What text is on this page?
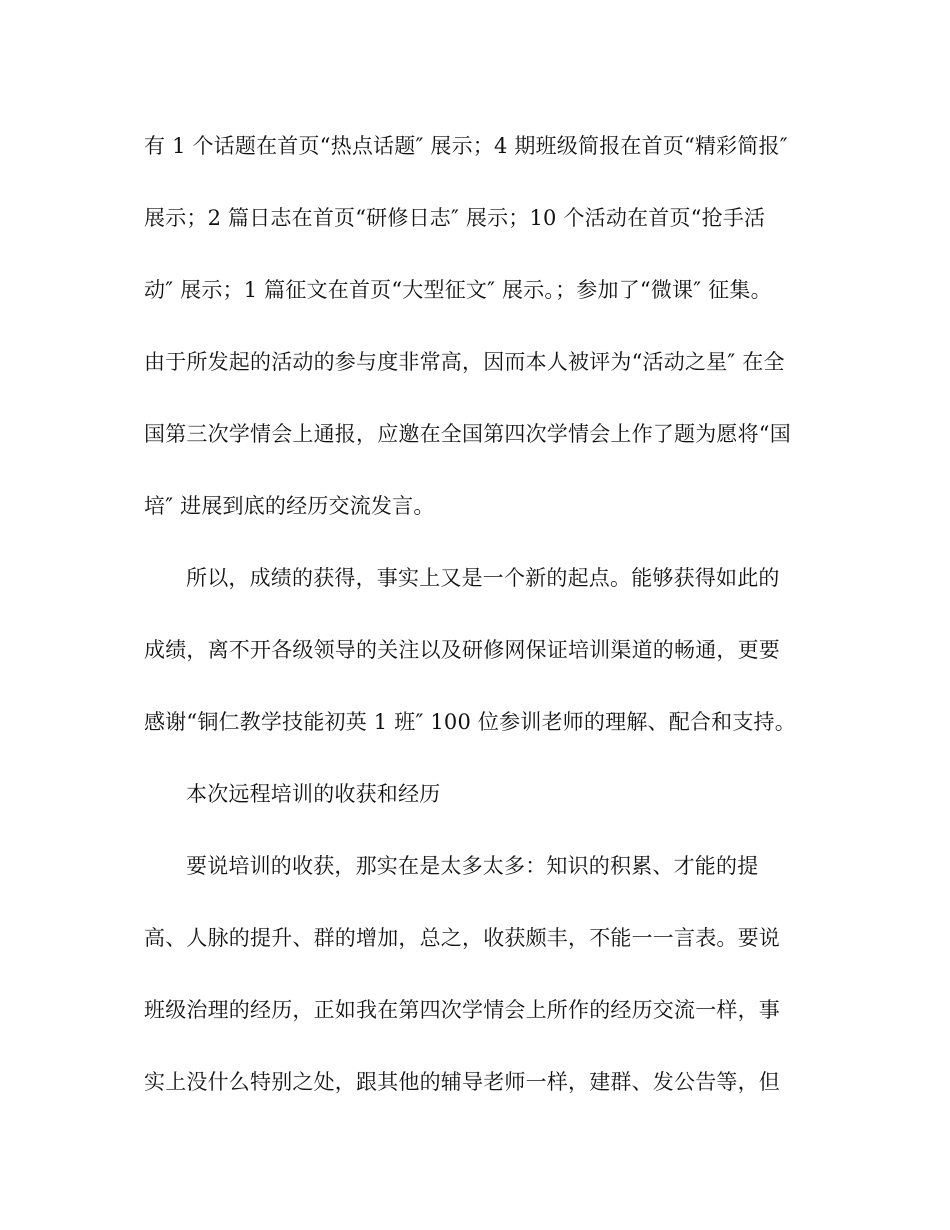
有 1 个话题在首页“热点话题″ 展示；4 期班级简报在首页“精彩简报″
展示；2 篇日志在首页“研修日志″ 展示；10 个活动在首页“抢手活
动″ 展示；1 篇征文在首页“大型征文″ 展示。；参加了“微课″ 征集。
由于所发起的活动的参与度非常高，因而本人被评为“活动之星″ 在全
国第三次学情会上通报，应邀在全国第四次学情会上作了题为愿将“国
培″ 进展到底的经历交流发言。
所以，成绩的获得，事实上又是一个新的起点。能够获得如此的
成绩，离不开各级领导的关注以及研修网保证培训渠道的畅通，更要
感谢“铜仁教学技能初英 1 班″ 100 位参训老师的理解、配合和支持。
本次远程培训的收获和经历
要说培训的收获，那实在是太多太多：知识的积累、才能的提
高、人脉的提升、群的增加，总之，收获颇丰，不能一一言表。要说
班级治理的经历，正如我在第四次学情会上所作的经历交流一样，事
实上没什么特别之处，跟其他的辅导老师一样，建群、发公告等，但
